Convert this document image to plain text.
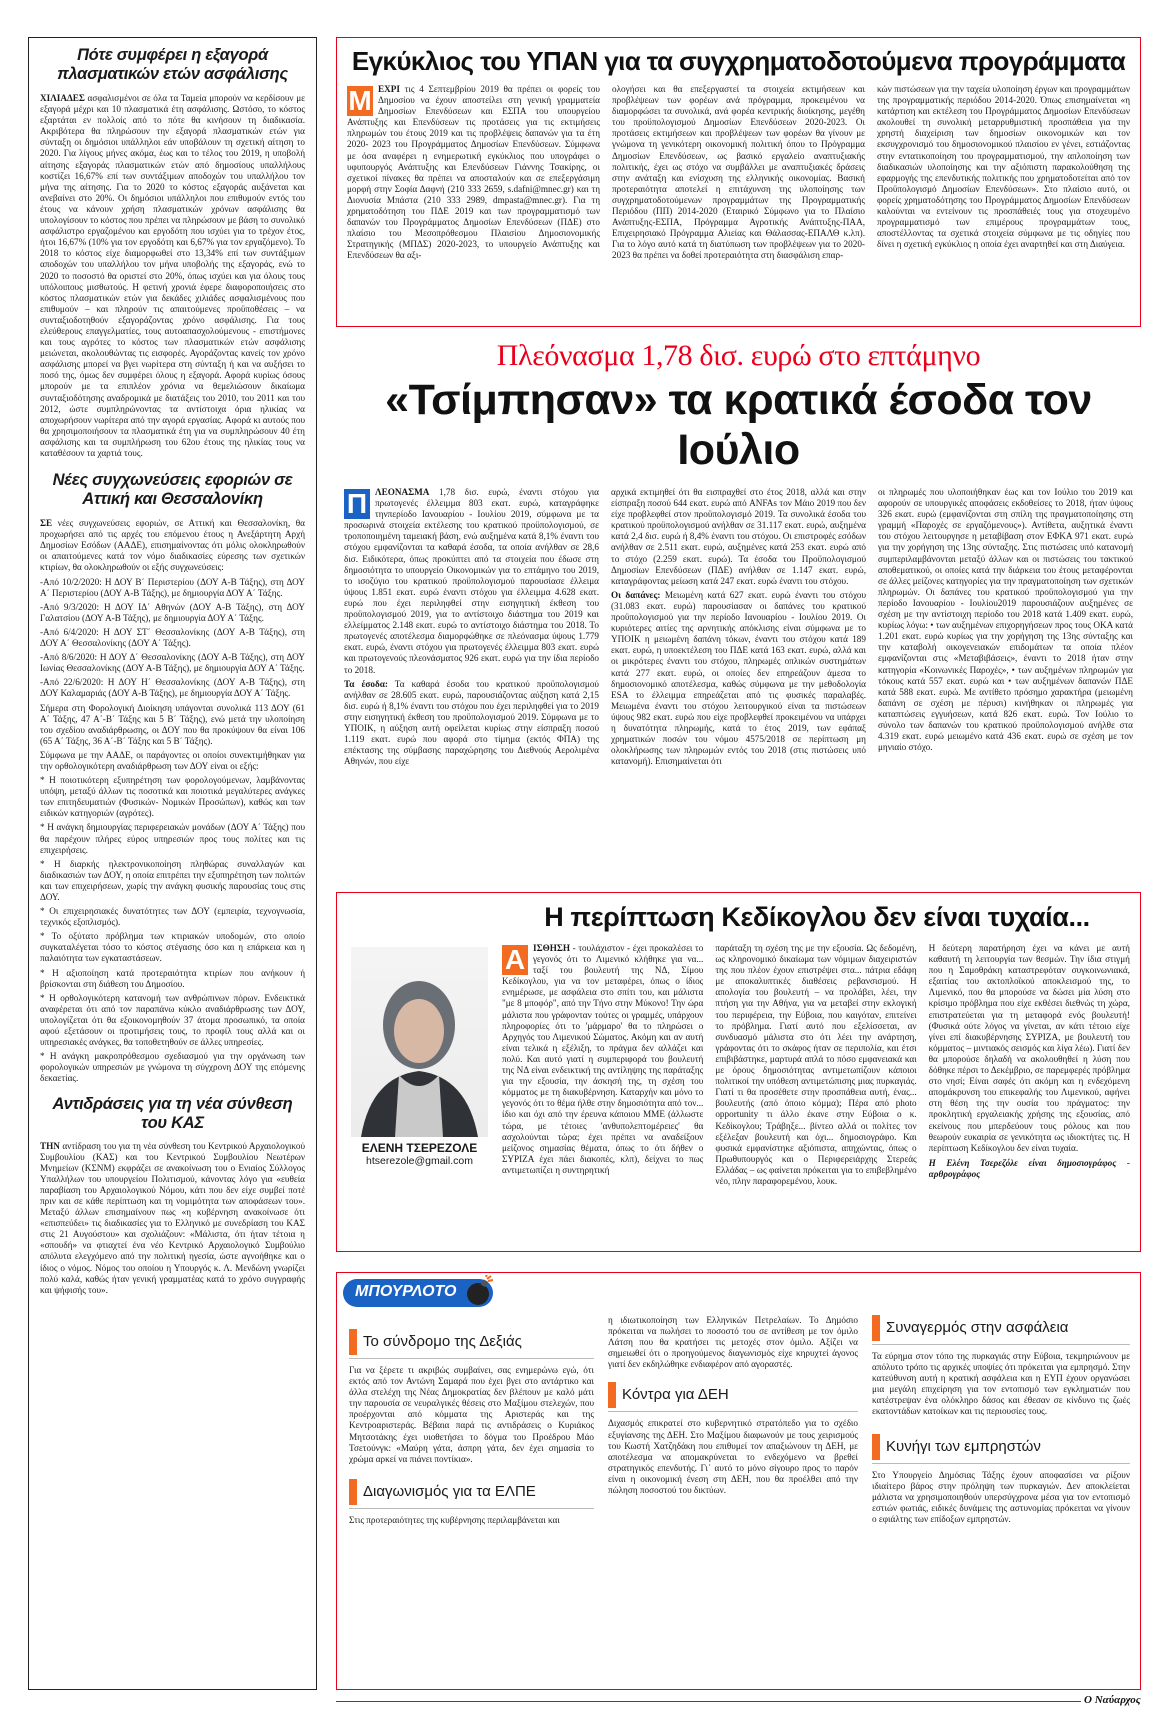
Πότε συμφέρει η εξαγορά πλασματικών ετών ασφάλισης
ΧΙΛΙΑΔΕΣ ασφαλισμένοι σε όλα τα Ταμεία μπορούν να κερδίσουν με εξαγορά μέχρι και 10 πλασματικά έτη ασφάλισης. Ωστόσο, το κόστος εξαρτάται εν πολλοίς από το πότε θα κινήσουν τη διαδικασία. Ακριβότερα θα πληρώσουν την εξαγορά πλασματικών ετών για σύνταξη οι δημόσιοι υπάλληλοι εάν υποβάλουν τη σχετική αίτηση το 2020. Για λίγους μήνες ακόμα, έως και το τέλος του 2019, η υποβολή αίτησης εξαγοράς πλασματικών ετών από δημοσίους υπαλλήλους κοστίζει 16,67% επί των συντάξιμων αποδοχών του υπαλλήλου τον μήνα της αίτησης. Για το 2020 το κόστος εξαγοράς αυξάνεται και ανεβαίνει στο 20%. Οι δημόσιοι υπάλληλοι που επιθυμούν εντός του έτους να κάνουν χρήση πλασματικών χρόνων ασφάλισης θα υπολογίσουν το κόστος που πρέπει να πληρώσουν με βάση το συνολικό ασφάλιστρο εργαζομένου και εργοδότη που ισχύει για το τρέχον έτος, ήτοι 16,67% (10% για τον εργοδότη και 6,67% για τον εργαζόμενο). Το 2018 το κόστος είχε διαμορφωθεί στο 13,34% επί των συντάξιμων αποδοχών του υπαλλήλου τον μήνα υποβολής της εξαγοράς, ενώ το 2020 το ποσοστό θα οριστεί στο 20%, όπως ισχύει και για όλους τους υπόλοιπους μισθωτούς. Η φετινή χρονιά έφερε διαφοροποιήσεις στο κόστος πλασματικών ετών για δεκάδες χιλιάδες ασφαλισμένους που επιθυμούν – και πληρούν τις απαιτούμενες προϋποθέσεις – να συνταξιοδοτηθούν εξαγοράζοντας χρόνο ασφάλισης. Για τους ελεύθερους επαγγελματίες, τους αυτοαπασχολούμενους - επιστήμονες και τους αγρότες το κόστος των πλασματικών ετών ασφάλισης μειώνεται, ακολουθώντας τις εισφορές. Αγοράζοντας κανείς τον χρόνο ασφάλισης μπορεί να βγει νωρίτερα στη σύνταξη ή και να αυξήσει το ποσό της, όμως δεν συμφέρει όλους η εξαγορά. Αφορά κυρίως όσους μπορούν με τα επιπλέον χρόνια να θεμελιώσουν δικαίωμα συνταξιοδότησης αναδρομικά με διατάξεις του 2010, του 2011 και του 2012, ώστε συμπληρώνοντας τα αντίστοιχα όρια ηλικίας να αποχωρήσουν νωρίτερα από την αγορά εργασίας. Αφορά κι αυτούς που θα χρησιμοποιήσουν τα πλασματικά έτη για να συμπληρώσουν 40 έτη ασφάλισης και τα συμπλήρωση του 62ου έτους της ηλικίας τους να καταθέσουν τα χαρτιά τους.
Νέες συγχωνεύσεις εφοριών σε Αττική και Θεσσαλονίκη

ΣΕ νέες συγχωνεύσεις εφοριών, σε Αττική και Θεσσαλονίκη, θα προχωρήσει από τις αρχές του επόμενου έτους η Ανεξάρτητη Αρχή Δημοσίων Εσόδων (ΑΑΔΕ), επισημαίνοντας ότι μόλις ολοκληρωθούν οι απαιτούμενες κατά τον νόμο διαδικασίες εύρεσης των σχετικών κτιρίων, θα ολοκληρωθούν οι εξής συγχωνεύσεις:

-Από 10/2/2020: Η ΔΟΥ Β΄ Περιστερίου (ΔΟΥ Α-Β Τάξης), στη ΔΟΥ Α΄ Περιστερίου (ΔΟΥ Α-Β Τάξης), με δημιουργία ΔΟΥ Α΄ Τάξης.

-Από 9/3/2020: Η ΔΟΥ ΙΔ΄ Αθηνών (ΔΟΥ Α-Β Τάξης), στη ΔΟΥ Γαλατσίου (ΔΟΥ Α-Β Τάξης), με δημιουργία ΔΟΥ Α΄ Τάξης.

-Από 6/4/2020: Η ΔΟΥ ΣΤ΄ Θεσσαλονίκης (ΔΟΥ Α-Β Τάξης), στη ΔΟΥ Α΄ Θεσσαλονίκης (ΔΟΥ Α΄ Τάξης).

-Από 8/6/2020: Η ΔΟΥ Δ΄ Θεσσαλονίκης (ΔΟΥ Α-Β Τάξης), στη ΔΟΥ Ιωνίας Θεσσαλονίκης (ΔΟΥ Α-Β Τάξης), με δημιουργία ΔΟΥ Α΄ Τάξης.

-Από 22/6/2020: Η ΔΟΥ Η΄ Θεσσαλονίκης (ΔΟΥ Α-Β Τάξης), στη ΔΟΥ Καλαμαριάς (ΔΟΥ Α-Β Τάξης), με δημιουργία ΔΟΥ Α΄ Τάξης.

Σήμερα στη Φορολογική Διοίκηση υπάγονται συνολικά 113 ΔΟΥ (61 Α΄ Τάξης, 47 Α΄-Β΄ Τάξης και 5 Β΄ Τάξης), ενώ μετά την υλοποίηση του σχεδίου αναδιάρθρωσης, οι ΔΟΥ που θα προκύψουν θα είναι 106 (65 Α΄ Τάξης, 36 Α΄-Β΄ Τάξης και 5 Β΄ Τάξης).

Σύμφωνα με την ΑΑΔΕ, οι παράγοντες οι οποίοι συνεκτιμήθηκαν για την ορθολογικότερη αναδιάρθρωση των ΔΟΥ είναι οι εξής:

* Η ποιοτικότερη εξυπηρέτηση των φορολογούμενων, λαμβάνοντας υπόψη, μεταξύ άλλων τις ποσοτικά και ποιοτικά μεγαλύτερες ανάγκες των επιτηδευματιών (Φυσικών- Νομικών Προσώπων), καθώς και των ειδικών κατηγοριών (αγρότες).

* Η ανάγκη δημιουργίας περιφερειακών μονάδων (ΔΟΥ Α΄ Τάξης) που θα παρέχουν πλήρες εύρος υπηρεσιών προς τους πολίτες και τις επιχειρήσεις.

* Η διαρκής ηλεκτρονικοποίηση πληθώρας συναλλαγών και διαδικασιών των ΔΟΥ, η οποία επιτρέπει την εξυπηρέτηση των πολιτών και των επιχειρήσεων, χωρίς την ανάγκη φυσικής παρουσίας τους στις ΔΟΥ.

* Οι επιχειρησιακές δυνατότητες των ΔΟΥ (εμπειρία, τεχνογνωσία, τεχνικός εξοπλισμός).

* Το οξύτατο πρόβλημα των κτιριακών υποδομών, στο οποίο συγκαταλέγεται τόσο το κόστος στέγασης όσο και η επάρκεια και η παλαιότητα των εγκαταστάσεων.

* Η αξιοποίηση κατά προτεραιότητα κτιρίων που ανήκουν ή βρίσκονται στη διάθεση του Δημοσίου.

* Η ορθολογικότερη κατανομή των ανθρώπινων πόρων. Ενδεικτικά αναφέρεται ότι από τον παραπάνω κύκλο αναδιάρθρωσης των ΔΟΥ, υπολογίζεται ότι θα εξοικονομηθούν 37 άτομα προσωπικό, τα οποία αφού εξετάσουν οι προτιμήσεις τους, το προφίλ τους αλλά και οι υπηρεσιακές ανάγκες, θα τοποθετηθούν σε άλλες υπηρεσίες.

* Η ανάγκη μακροπρόθεσμου σχεδιασμού για την οργάνωση των φορολογικών υπηρεσιών με γνώμονα τη σύγχρονη ΔΟΥ της επόμενης δεκαετίας.

Αντιδράσεις για τη νέα σύνθεση του ΚΑΣ
ΤΗΝ αντίδραση του για τη νέα σύνθεση του Κεντρικού Αρχαιολογικού Συμβουλίου (ΚΑΣ) και του Κεντρικού Συμβουλίου Νεωτέρων Μνημείων (ΚΣΝΜ) εκφράζει σε ανακοίνωση του ο Ενιαίος Σύλλογος Υπαλλήλων του υπουργείου Πολιτισμού, κάνοντας λόγο για «ευθεία παραβίαση του Αρχαιολογικού Νόμου, κάτι που δεν είχε συμβεί ποτέ πριν και σε κάθε περίπτωση και τη νομιμότητα των αποφάσεων του». Μεταξύ άλλων επισημαίνουν πως «η κυβέρνηση ανακοίνωσε ότι «επισπεύδει» τις διαδικασίες για το Ελληνικό με συνεδρίαση του ΚΑΣ στις 21 Αυγούστου» και σχολιάζουν: «Μάλιστα, ότι ήταν τέτοια η «σπουδή» να φτιαχτεί ένα νέο Κεντρικό Αρχαιολογικό Συμβούλιο απόλυτα ελεγχόμενο από την πολιτική ηγεσία, ώστε αγνοήθηκε και ο ίδιος ο νόμος. Νόμος του οποίου η Υπουργός κ. Λ. Μενδώνη γνωρίζει πολύ καλά, καθώς ήταν γενική γραμματέας κατά το χρόνο συγγραφής και ψήφισής του».
Εγκύκλιος του ΥΠΑΝ για τα συγχρηματοδοτούμενα προγράμματα
Μ ΕΧΡΙ τις 4 Σεπτεμβρίου 2019 θα πρέπει οι φορείς του Δημοσίου να έχουν αποστείλει στη γενική γραμματεία Δημοσίων Επενδύσεων και ΕΣΠΑ του υπουργείου Ανάπτυξης και Επενδύσεων τις προτάσεις για τις εκτιμήσεις πληρωμών του έτους 2019 και τις προβλέψεις δαπανών για τα έτη 2020- 2023 του Προγράμματος Δημοσίων Επενδύσεων. Σύμφωνα με όσα αναφέρει η ενημερωτική εγκύκλιος που υπογράφει ο υφυπουργός Ανάπτυξης και Επενδύσεων Γιάννης Τσακίρης, οι σχετικοί πίνακες θα πρέπει να αποσταλούν και σε επεξεργάσιμη μορφή στην Σοφία Δαφνή (210 333 2659, s.dafni@mnec.gr) και τη Διονυσία Μπάστα (210 333 2989, dmpasta@mnec.gr). Για τη χρηματοδότηση του ΠΔΕ 2019 και των προγραμματισμό των δαπανών του Προγράμματος Δημοσίων Επενδύσεων (ΠΔΕ) στο πλαίσιο του Μεσοπρόθεσμου Πλαισίου Δημοσιονομικής Στρατηγικής (ΜΠΔΣ) 2020-2023, το υπουργείο Ανάπτυξης και Επενδύσεων θα αξι-
ολογήσει και θα επεξεργαστεί τα στοιχεία εκτιμήσεων και προβλέψεων των φορέων ανά πρόγραμμα, προκειμένου να διαμορφώσει τα συνολικά, ανά φορέα κεντρικής διοίκησης, μεγέθη του προϋπολογισμού Δημοσίων Επενδύσεων 2020-2023. Οι προτάσεις εκτιμήσεων και προβλέψεων των φορέων θα γίνουν με γνώμονα τη γενικότερη οικονομική πολιτική όπου το Πρόγραμμα Δημοσίων Επενδύσεων, ως βασικό εργαλείο αναπτυξιακής πολιτικής, έχει ως στόχο να συμβάλλει με αναπτυξιακές δράσεις στην ανάταξη και ενίσχυση της ελληνικής οικονομίας. Βασική προτεραιότητα αποτελεί η επιτάχυνση της υλοποίησης των συγχρηματοδοτούμενων προγραμμάτων της Προγραμματικής Περιόδου (ΠΠ) 2014-2020 (Εταιρικό Σύμφωνο για το Πλαίσιο Ανάπτυξης-ΕΣΠΑ, Πρόγραμμα Αγροτικής Ανάπτυξης-ΠΑΑ, Επιχειρησιακό Πρόγραμμα Αλιείας και Θάλασσας-ΕΠΑΛΘ κ.λπ). Για το λόγο αυτό κατά τη διατύπωση των προβλέψεων για το 2020-2023 θα πρέπει να δοθεί προτεραιότητα στη διασφάλιση επαρ-
κών πιστώσεων για την ταχεία υλοποίηση έργων και προγραμμάτων της προγραμματικής περιόδου 2014-2020. Όπως επισημαίνεται «η κατάρτιση και εκτέλεση του Προγράμματος Δημοσίων Επενδύσεων ακολουθεί τη συνολική μεταρρυθμιστική προσπάθεια για την χρηστή διαχείριση των δημοσίων οικονομικών και τον εκσυγχρονισμό του δημοσιονομικού πλαισίου εν γένει, εστιάζοντας στην εντατικοποίηση του προγραμματισμού, την απλοποίηση των διαδικασιών υλοποίησης και την αξιόπιστη παρακολούθηση της εφαρμογής της επενδυτικής πολιτικής που χρηματοδοτείται από τον Προϋπολογισμό Δημοσίων Επενδύσεων». Στο πλαίσιο αυτό, οι φορείς χρηματοδότησης του Προγράμματος Δημοσίων Επενδύσεων καλούνται να εντείνουν τις προσπάθειές τους για στοχευμένο προγραμματισμό των επιμέρους προγραμμάτων τους, αποστέλλοντας τα σχετικά στοιχεία σύμφωνα με τις οδηγίες που δίνει η σχετική εγκύκλιος η οποία έχει αναρτηθεί και στη Διαύγεια.
Πλεόνασμα 1,78 δισ. ευρώ στο επτάμηνο
«Τσίμπησαν» τα κρατικά έσοδα τον Ιούλιο
Π ΛΕΟΝΑΣΜΑ 1,78 δισ. ευρώ, έναντι στόχου για πρωτογενές έλλειμμα 803 εκατ. ευρώ, καταγράφηκε τηνπερίοδο Ιανουαρίου - Ιουλίου 2019, σύμφωνα με τα προσωρινά στοιχεία εκτέλεσης του κρατικού προϋπολογισμού, σε τροποποιημένη ταμειακή βάση, ενώ αυξημένα κατά 8,1% έναντι του στόχου εμφανίζονται τα καθαρά έσοδα, τα οποία ανήλθαν σε 28,6 δισ. Ειδικότερα, όπως προκύπτει από τα στοιχεία που έδωσε στη δημοσιότητα το υπουργείο Οικονομικών για το επτάμηνο του 2019, το ισοζύγιο του κρατικού προϋπολογισμού παρουσίασε έλλειμα ύψους 1.851 εκατ. ευρώ έναντι στόχου για έλλειμμα 4.628 εκατ. ευρώ που έχει περιληφθεί στην εισηγητική έκθεση του προϋπολογισμού 2019, για το αντίστοιχο διάστημα του 2019 και ελλείμματος 2.148 εκατ. ευρώ το αντίστοιχο διάστημα του 2018. Το πρωτογενές αποτέλεσμα διαμορφώθηκε σε πλεόνασμα ύψους 1.779 εκατ. ευρώ, έναντι στόχου για πρωτογενές έλλειμμα 803 εκατ. ευρώ και πρωτογενούς πλεονάσματος 926 εκατ. ευρώ για την ίδια περίοδο το 2018.

Τα έσοδα: Τα καθαρά έσοδα του κρατικού προϋπολογισμού ανήλθαν σε 28.605 εκατ. ευρώ, παρουσιάζοντας αύξηση κατά 2,15 δισ. ευρώ ή 8,1% έναντι του στόχου που έχει περιληφθεί για το 2019 στην εισηγητική έκθεση του προϋπολογισμού 2019. Σύμφωνα με το ΥΠΟΙΚ, η αύξηση αυτή οφείλεται κυρίως στην είσπραξη ποσού 1.119 εκατ. ευρώ που αφορά στο τίμημα (εκτός ΦΠΑ) της επέκτασης της σύμβασης παραχώρησης του Διεθνούς Αερολιμένα Αθηνών, που είχε

αρχικά εκτιμηθεί ότι θα εισπραχθεί στο έτος 2018, αλλά και στην είσπραξη ποσού 644 εκατ. ευρώ από ANFAs τον Μάιο 2019 που δεν είχε προβλεφθεί στον προϋπολογισμό 2019. Τα συνολικά έσοδα του κρατικού προϋπολογισμού ανήλθαν σε 31.117 εκατ. ευρώ, αυξημένα κατά 2,4 δισ. ευρώ ή 8,4% έναντι του στόχου. Οι επιστροφές εσόδων ανήλθαν σε 2.511 εκατ. ευρώ, αυξημένες κατά 253 εκατ. ευρώ από το στόχο (2.259 εκατ. ευρώ). Τα έσοδα του Προϋπολογισμού Δημοσίων Επενδύσεων (ΠΔΕ) ανήλθαν σε 1.147 εκατ. ευρώ, καταγράφοντας μείωση κατά 247 εκατ. ευρώ έναντι του στόχου.

Οι δαπάνες: Μειωμένη κατά 627 εκατ. ευρώ έναντι του στόχου (31.083 εκατ. ευρώ) παρουσίασαν οι δαπάνες του κρατικού προϋπολογισμού για την περίοδο Ιανουαρίου - Ιουλίου 2019. Οι κυριότερες αιτίες της αρνητικής απόκλισης είναι σύμφωνα με το ΥΠΟΙΚ η μειωμένη δαπάνη τόκων, έναντι του στόχου κατά 189 εκατ. ευρώ, η υποεκτέλεση του ΠΔΕ κατά 163 εκατ. ευρώ, αλλά και οι μικρότερες έναντι του στόχου, πληρωμές οπλικών συστημάτων κατά 277 εκατ. ευρώ, οι οποίες δεν επηρεάζουν άμεσα το δημοσιονομικό αποτέλεσμα, καθώς σύμφωνα με την μεθοδολογία ESA το έλλειμμα επηρεάζεται από τις φυσικές παραλαβές. Μειωμένα έναντι του στόχου λειτουργικού είναι τα πιστώσεων ύψους 982 εκατ. ευρώ που είχε προβλεφθεί προκειμένου να υπάρχει η δυνατότητα πληρωμής, κατά το έτος 2019, των εφάπαξ χρηματικών ποσών του νόμου 4575/2018 σε περίπτωση μη ολοκλήρωσης των πληρωμών εντός του 2018 (στις πιστώσεις υπό κατανομή). Επισημαίνεται ότι

οι πληρωμές που υλοποιήθηκαν έως και τον Ιούλιο του 2019 και αφορούν σε υπουργικές αποφάσεις εκδοθείσες το 2018, ήταν ύψους 326 εκατ. ευρώ (εμφανίζονται στη σπίλη της πραγματοποίησης στη γραμμή «Παροχές σε εργαζόμενους»). Αντίθετα, αυξητικά έναντι του στόχου λειτουργησε η μεταβίβαση στον ΕΦΚΑ 971 εκατ. ευρώ για την χορήγηση της 13ης σύνταξης. Στις πιστώσεις υπό κατανομή συμπεριλαμβάνονται μεταξύ άλλων και οι πιστώσεις του τακτικού αποθεματικού, οι οποίες κατά την διάρκεια του έτους μεταφέρονται σε άλλες μείζονες κατηγορίες για την πραγματοποίηση των σχετικών πληρωμών. Οι δαπάνες του κρατικού προϋπολογισμού για την περίοδο Ιανουαρίου - Ιουλίου2019 παρουσιάζουν αυξημένες σε σχέση με την αντίστοιχη περίοδο του 2018 κατά 1.409 εκατ. ευρώ, κυρίως λόγω: • των αυξημένων επιχορηγήσεων προς τους ΟΚΑ κατά 1.201 εκατ. ευρώ κυρίως για την χορήγηση της 13ης σύνταξης και την καταβολή οικογενειακών επιδομάτων τα οποία πλέον εμφανίζονται στις «Μεταβιβάσεις», έναντι το 2018 ήταν στην κατηγορία «Κοινωνικές Παροχές», • των αυξημένων πληρωμών για τόκους κατά 557 εκατ. ευρώ και • των αυξημένων δαπανών ΠΔΕ κατά 588 εκατ. ευρώ. Με αντίθετο πρόσημο χαρακτήρα (μειωμένη δαπάνη σε σχέση με πέρυσι) κινήθηκαν οι πληρωμές για καταπτώσεις εγγυήσεων, κατά 826 εκατ. ευρώ. Τον Ιούλιο το σύνολο των δαπανών του κρατικού προϋπολογισμού ανήλθε στα 4.319 εκατ. ευρώ μειωμένο κατά 436 εκατ. ευρώ σε σχέση με τον μηνιαίο στόχο.
Η περίπτωση Κεδίκογλου δεν είναι τυχαία...
ΕΛΕΝΗ ΤΣΕΡΕΖΟΛΕ
htserezole@gmail.com
Α ΙΣΘΗΣΗ - τουλάχιστον - έχει προκαλέσει το γεγονός ότι το Λιμενικό κλήθηκε για να... ταξί του βουλευτή της ΝΔ, Σίμου Κεδίκογλου, για να τον μεταφέρει, όπως ο ίδιος ενημέρωσε, με ασφάλεια στο σπίτι του, και μάλιστα "με 8 μποφόρ", από την Τήνο στην Μύκονο! Την ώρα μάλιστα που γράφονταν τούτες οι γραμμές, υπάρχουν πληροφορίες ότι το 'μάρμαρο' θα το πληρώσει ο Αρχηγός του Λιμενικού Σώματος. Ακόμη και αν αυτή είναι τελικά η εξέλιξη, το πράγμα δεν αλλάζει και πολύ. Και αυτό γιατί η συμπεριφορά του βουλευτή της ΝΔ είναι ενδεικτική της αντίληψης της παράταξης για την εξουσία, την άσκησή της, τη σχέση του κόμματος με τη διακυβέρνηση. Καταρχήν και μόνο το γεγονός ότι το θέμα ήλθε στην δημοσιότητα από τον... ίδιο και όχι από την έρευνα κάποιου ΜΜΕ (άλλωστε τώρα, με τέτοιες 'ανθυπολεπτομέρειες' θα ασχολούνται τώρα; έχει πρέπει να αναδείξουν μείζονος σημασίας θέματα, όπως το ότι δήθεν ο ΣΥΡΙΖΑ έχει πάει διακοπές, κλπ), δείχνει το πως αντιμετωπίζει η συντηρητική
παράταξη τη σχέση της με την εξουσία. Ως δεδομένη, ως κληρονομικό δικαίωμα των νόμιμων διαχειριστών της που πλέον έχουν επιστρέψει στα... πάτρια εδάφη με αποκαλυπτικές διαθέσεις ρεβανσισμού. Η απολογία του βουλευτή – να προλάβει, λέει, την πτήση για την Αθήνα, για να μεταβεί στην εκλογική του περιφέρεια, την Εύβοια, που καιγόταν, επιτείνει το πρόβλημα. Γιατί αυτό που εξελίσσεται, αν συνδυασμό μάλιστα στο ότι λέει την ανάρτηση, γράφοντας ότι το σκάφος ήταν σε περιπολία, και έτσι επιβιβάστηκε, μαρτυρά απλά το πόσο εμφανειακά και με όρους δημοσιότητας αντιμετωπίζουν κάποιοι πολιτικοί την υπόθεση αντιμετώπισης μιας πυρκαγιάς. Γιατί τι θα προσέθετε στην προσπάθεια αυτή, ένας... βουλευτής (από όποιο κόμμα); Πέρα από photo opportunity τι άλλο έκανε στην Εύβοια ο κ. Κεδίκογλου; Τράβηξε... βίντεο αλλά οι πολίτες τον εξέλεξαν βουλευτή και όχι... δημοσιογράφο. Και φυσικά εμφανίστηκε αξιόπιστα, απηχώντας, όπως ο Πρωθυπουργός και ο Περιφερειάρχης Στερεάς Ελλάδας – ως φαίνεται πρόκειται για το επιβεβλημένο νέο, πλην παραφορεμένου, λουκ.
Η δεύτερη παρατήρηση έχει να κάνει με αυτή καθαυτή τη λειτουργία των θεσμών. Την ίδια στιγμή που η Σαμοθράκη καταστρεφόταν συγκοινωνιακά, εξαιτίας του ακτοπλοϊκού αποκλεισμού της, το Λιμενικό, που θα μπορούσε να δώσει μία λύση στο κρίσιμο πρόβλημα που είχε εκθέσει διεθνώς τη χώρα, επιστρατεύεται για τη μεταφορά ενός βουλευτή! (Φυσικά ούτε λόγος να γίνεται, αν κάτι τέτοιο είχε γίνει επί διακυβέρνησης ΣΥΡΙΖΑ, με βουλευτή του κόμματος – μιντιακός σεισμός και λίγα λέω). Γιατί δεν θα μπορούσε δηλαδή να ακολουθηθεί η λύση που δόθηκε πέρσι το Δεκέμβριο, σε παρεμφερές πρόβλημα στο νησί; Είναι σαφές ότι ακόμη και η ενδεχόμενη απομάκρυνση του επικεφαλής του Λιμενικού, αφήνει στη θέση της την ουσία του πράγματος: την προκλητική εργαλειακής χρήσης της εξουσίας, από εκείνους που μπερδεύουν τους ρόλους και που θεωρούν ευκαιρία σε γενικότητα ως ιδιοκτήτες τις. Η περίπτωση Κεδίκογλου δεν είναι τυχαία.

Η Ελένη Τσερεζόλε είναι δημοσιογράφος - αρθρογράφος

ΜΠΟΥΡΛΟΤΟ
Το σύνδρομο της Δεξιάς
Για να ξέρετε τι ακριβώς συμβαίνει, σας ενημερώνω εγώ, ότι εκτός από τον Αντώνη Σαμαρά που έχει βγει στο αντάρτικο και άλλα στελέχη της Νέας Δημοκρατίας δεν βλέπουν με καλό μάτι την παρουσία σε νευραλγικές θέσεις στο Μαξίμου στελεχών, που προέρχονται από κόμματα της Αριστεράς και της Κεντροαριστεράς. Βέβαια παρά τις αντιδράσεις ο Κυριάκος Μητσοτάκης έχει υιοθετήσει το δόγμα του Προέδρου Μάο Τσετούνγκ: «Μαύρη γάτα, άσπρη γάτα, δεν έχει σημασία το χρώμα αρκεί να πιάνει ποντίκια».
Διαγωνισμός για τα ΕΛΠΕ
Στις προτεραιότητες της κυβέρνησης περιλαμβάνεται και
η ιδιωτικοποίηση των Ελληνικών Πετρελαίων. Το Δημόσιο πρόκειται να πωλήσει το ποσοστό του σε αντίθεση με τον όμιλο Λάτση που θα κρατήσει τις μετοχές στον όμιλο. Αξίζει να σημειωθεί ότι ο προηγούμενος διαγωνισμός είχε κηρυχτεί άγονος γιατί δεν εκδηλώθηκε ενδιαφέρον από αγοραστές.
Κόντρα για ΔΕΗ
Διχασμός επικρατεί στο κυβερνητικό στρατόπεδο για το σχέδιο εξυγίανσης της ΔΕΗ. Στο Μαξίμου διαφωνούν με τους χειρισμούς του Κωστή Χατζηδάκη που επιθυμεί τον απαξιώνουν τη ΔΕΗ, με αποτέλεσμα να απομακρύνεται το ενδεχόμενο να βρεθεί στρατηγικός επενδυτής. Γι΄ αυτό το μόνο σίγουρο προς το παρόν είναι η οικονομική ένεση στη ΔΕΗ, που θα προέλθει από την πώληση ποσοστού του δικτύων.
Συναγερμός στην ασφάλεια
Τα εύρημα στον τόπο της πυρκαγιάς στην Εύβοια, τεκμηριώνουν με απόλυτο τρόπο τις αρχικές υποψίες ότι πρόκειται για εμπρησμό. Στην κατεύθυνση αυτή η κρατική ασφάλεια και η ΕΥΠ έχουν οργανώσει μια μεγάλη επιχείρηση για τον εντοπισμό των εγκληματιών που κατέστρεψαν ένα ολόκληρο δάσος και έθεσαν σε κίνδυνο τις ζωές εκατοντάδων κατοίκων και τις περιουσίες τους.
Κυνήγι των εμπρηστών
Στο Υπουργείο Δημόσιας Τάξης έχουν αποφασίσει να ρίξουν ιδιαίτερο βάρος στην πρόληψη των πυρκαγιών. Δεν αποκλείεται μάλιστα να χρησιμοποιηθούν υπερσύγχρονα μέσα για τον εντοπισμό εστιών φωτιάς, ειδικές δυνάμεις της αστυνομίας πρόκειται να γίνουν ο εφιάλτης των επίδοξων εμπρηστών.
Ο Ναύαρχος
